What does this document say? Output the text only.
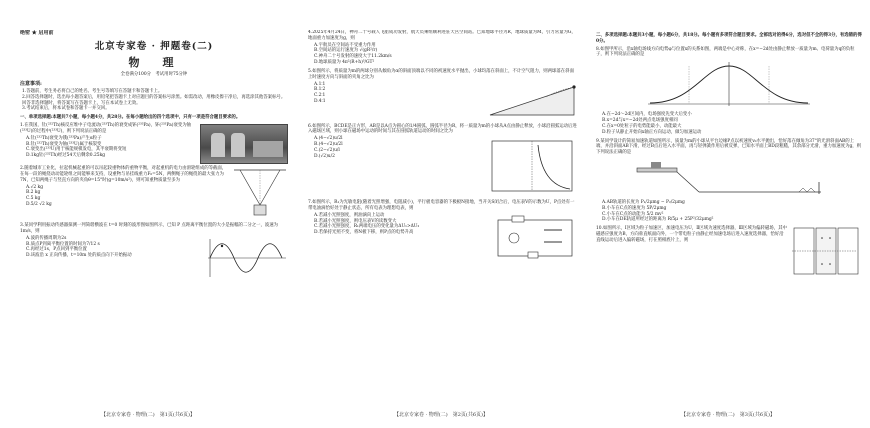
绝密 ★ 启用前
北京专家卷 · 押题卷(二)
物　理
全卷满分100分　考试用时75分钟
注意事项:
1.答题前，考生务必将自己的姓名、考生号等填写在答题卡和答题卡上。
2.回答选择题时，选出每小题答案后，用铅笔把答题卡上对应题目的答案标号涂黑。如需改动，用橡皮擦干净后，再选涂其他答案标号。回答非选择题时，将答案写在答题卡上，写在本试卷上无效。
3.考试结束后，将本试卷和答题卡一并交回。
一、单项选择题:本题共7小题，每小题4分，共28分。在每小题给出的四个选项中，只有一项是符合题目要求的。
1.在我国，钍(²³²Th)核反应堆中子电流动(²³³Th)的衰变成钚(²³³Pa)，钚(²³³Pa)衰变为铀(²³³U)的过程中(²³³U)，则下列说法正确的是
A.钍(²³²Th)衰变为镤(²³³Pa)产生α粒子
B.钍(²³²Th)衰变为铀(²³³U)属于核裂变
C.衰变出(²³³U)用于核能规模发电，其半衰期将变短
D.1kg钍(²³²Th)经过54天后剩余0.25kg
2.随着城市工业化，拉起机械起重的可以吊起较重物体的重物平衡，对起重机的电力由滑轮组成的等截面，在每一段的绳绕动动能轮组之间能够来支持，设重物与吊挂线重力F₀=5N，两侧绳子的绳绕的最大张力为7N，已知两绳子与竖直方向的夹角θ=15°时(g=10m/s²)，则可知重物质量至多为
A.√2 kg
B.2 kg
C.5 kg
D.5/2 √2 kg
3.某同学利用振动传感器探测一列简谐横波在 t=0 时刻的波形图如图所示，已知 P 点距离平衡位置的大小是振幅的二分之一，波速为 1m/s，则
A.波的传播周期为2s
B.质点P到离平衡位置的时间为7/12 s
C.再经过1s，P点回到平衡位置
D.该波沿 x 正向传播，t=10m 处的质点向下开始振动
【北京专家卷 · 物理(二)　第1页(共6页)】
4.2025年4月24日，神舟二十号载人飞船成功发射，航天员乘组顺利进驻天宫空间站。已知地球半径为R，地球质量为M，引力常量为G，地面重力加速度为g，则
A.宇航员在空间站不受重力作用
B.空间站的运行速度为 √(gR²/r)
C.神舟二十号发射的速度大于11.2km/s
D.地球质量为 4π²(R+h)³/GT²
5.如图所示，将质量为m的两球分别从倾角为α的斜面顶端以不同的初速度水平抛出，小球均落在斜面上，不计空气阻力，则两球落在斜面上时速度方向与斜面的夹角之比为
A.1∶1
B.1∶2
C.2∶1
D.4∶1
6.如图所示，BCDE是正方形，AB是以A点为圆心的1/4圆弧，圆弧半径为R，将一质量为m的小球从A点由静止释放，小球沿圆弧运动后进入磁场区域，则小球在磁场中运动的时间与其在圆弧轨道运动的时间之比为
A.(4−√2)u/2l
B.(4−√2)u/2l
C.(2−√2)u/l
D.(√2)u/2
7.如图所示，R₁为光敏电阻(随着光照增强，电阻减小)，平行板电容器的下极板N接地，当开关S闭合后，电压表V的示数为U，P点处有一带电油滴恰好处于静止状态，所有电表为理想电表，则
A.若减小光照强度，则油滴向上运动
B.若减小光照强度，则电压表V的读数变大
C.若减小光照强度，R₁两端电压的变化量为ΔU₁>ΔU₂
D.若保持光照不变，将N板下移，则P点的电势升高
【北京专家卷 · 物理(二)　第2页(共6页)】
二、多项选择题:本题共3小题，每小题6分，共18分。每小题有多项符合题目要求。全部选对的得6分，选对但不全的得3分，有选错的得0分。
8.如图甲所示，沿x轴电场线方向电势φ与位置x的关系如图，两端是中心对称，在x=−2d处由静止释放一质量为m、电荷量为q的负粒子，则下列说法正确的是
A.在−2d～2d区间内，电场强度先变大后变小
B.x=2d与x=−2d处两点电场强度相同
C.在x=0处粒子的电势能最小，动能最大
D.粒子从静止开始向x轴正方向运动，做匀加速运动
9.某同学设计的简易加速轨道如图所示，质量为m的小球从平台边缘P点以初速度v₀水平抛出，恰好落在倾角为37°的光滑斜面AB的上端，并沿斜面AB下滑，经过B点后进入水平面，再与轻弹簧作用后被反弹，已知水平面上BD段粗糙，其余部分光滑，重力加速度为g，则下列说法正确的是
A.AB轨道的长度为 P₁/2μmg − P₂/2μmg
B.小车在C点的速度为 5P/2μmg
C.小车在C点的动能为 5/2 mv²
D.小车在DE轨道所经过的距离为 R/5μ + 25P²/32μmg²
10.如图所示，Ⅰ区域为粒子加速区，加速电压为U，Ⅱ区域为速度选择器，Ⅲ区域为偏转磁场，其中磁感应强度为B，方向垂直纸面向外，一个带电粒子由静止经加速电场后进入速度选择器，恰好沿直线运动后进入偏转磁场，打在照相底片上，则
【北京专家卷 · 物理(二)　第3页(共6页)】
